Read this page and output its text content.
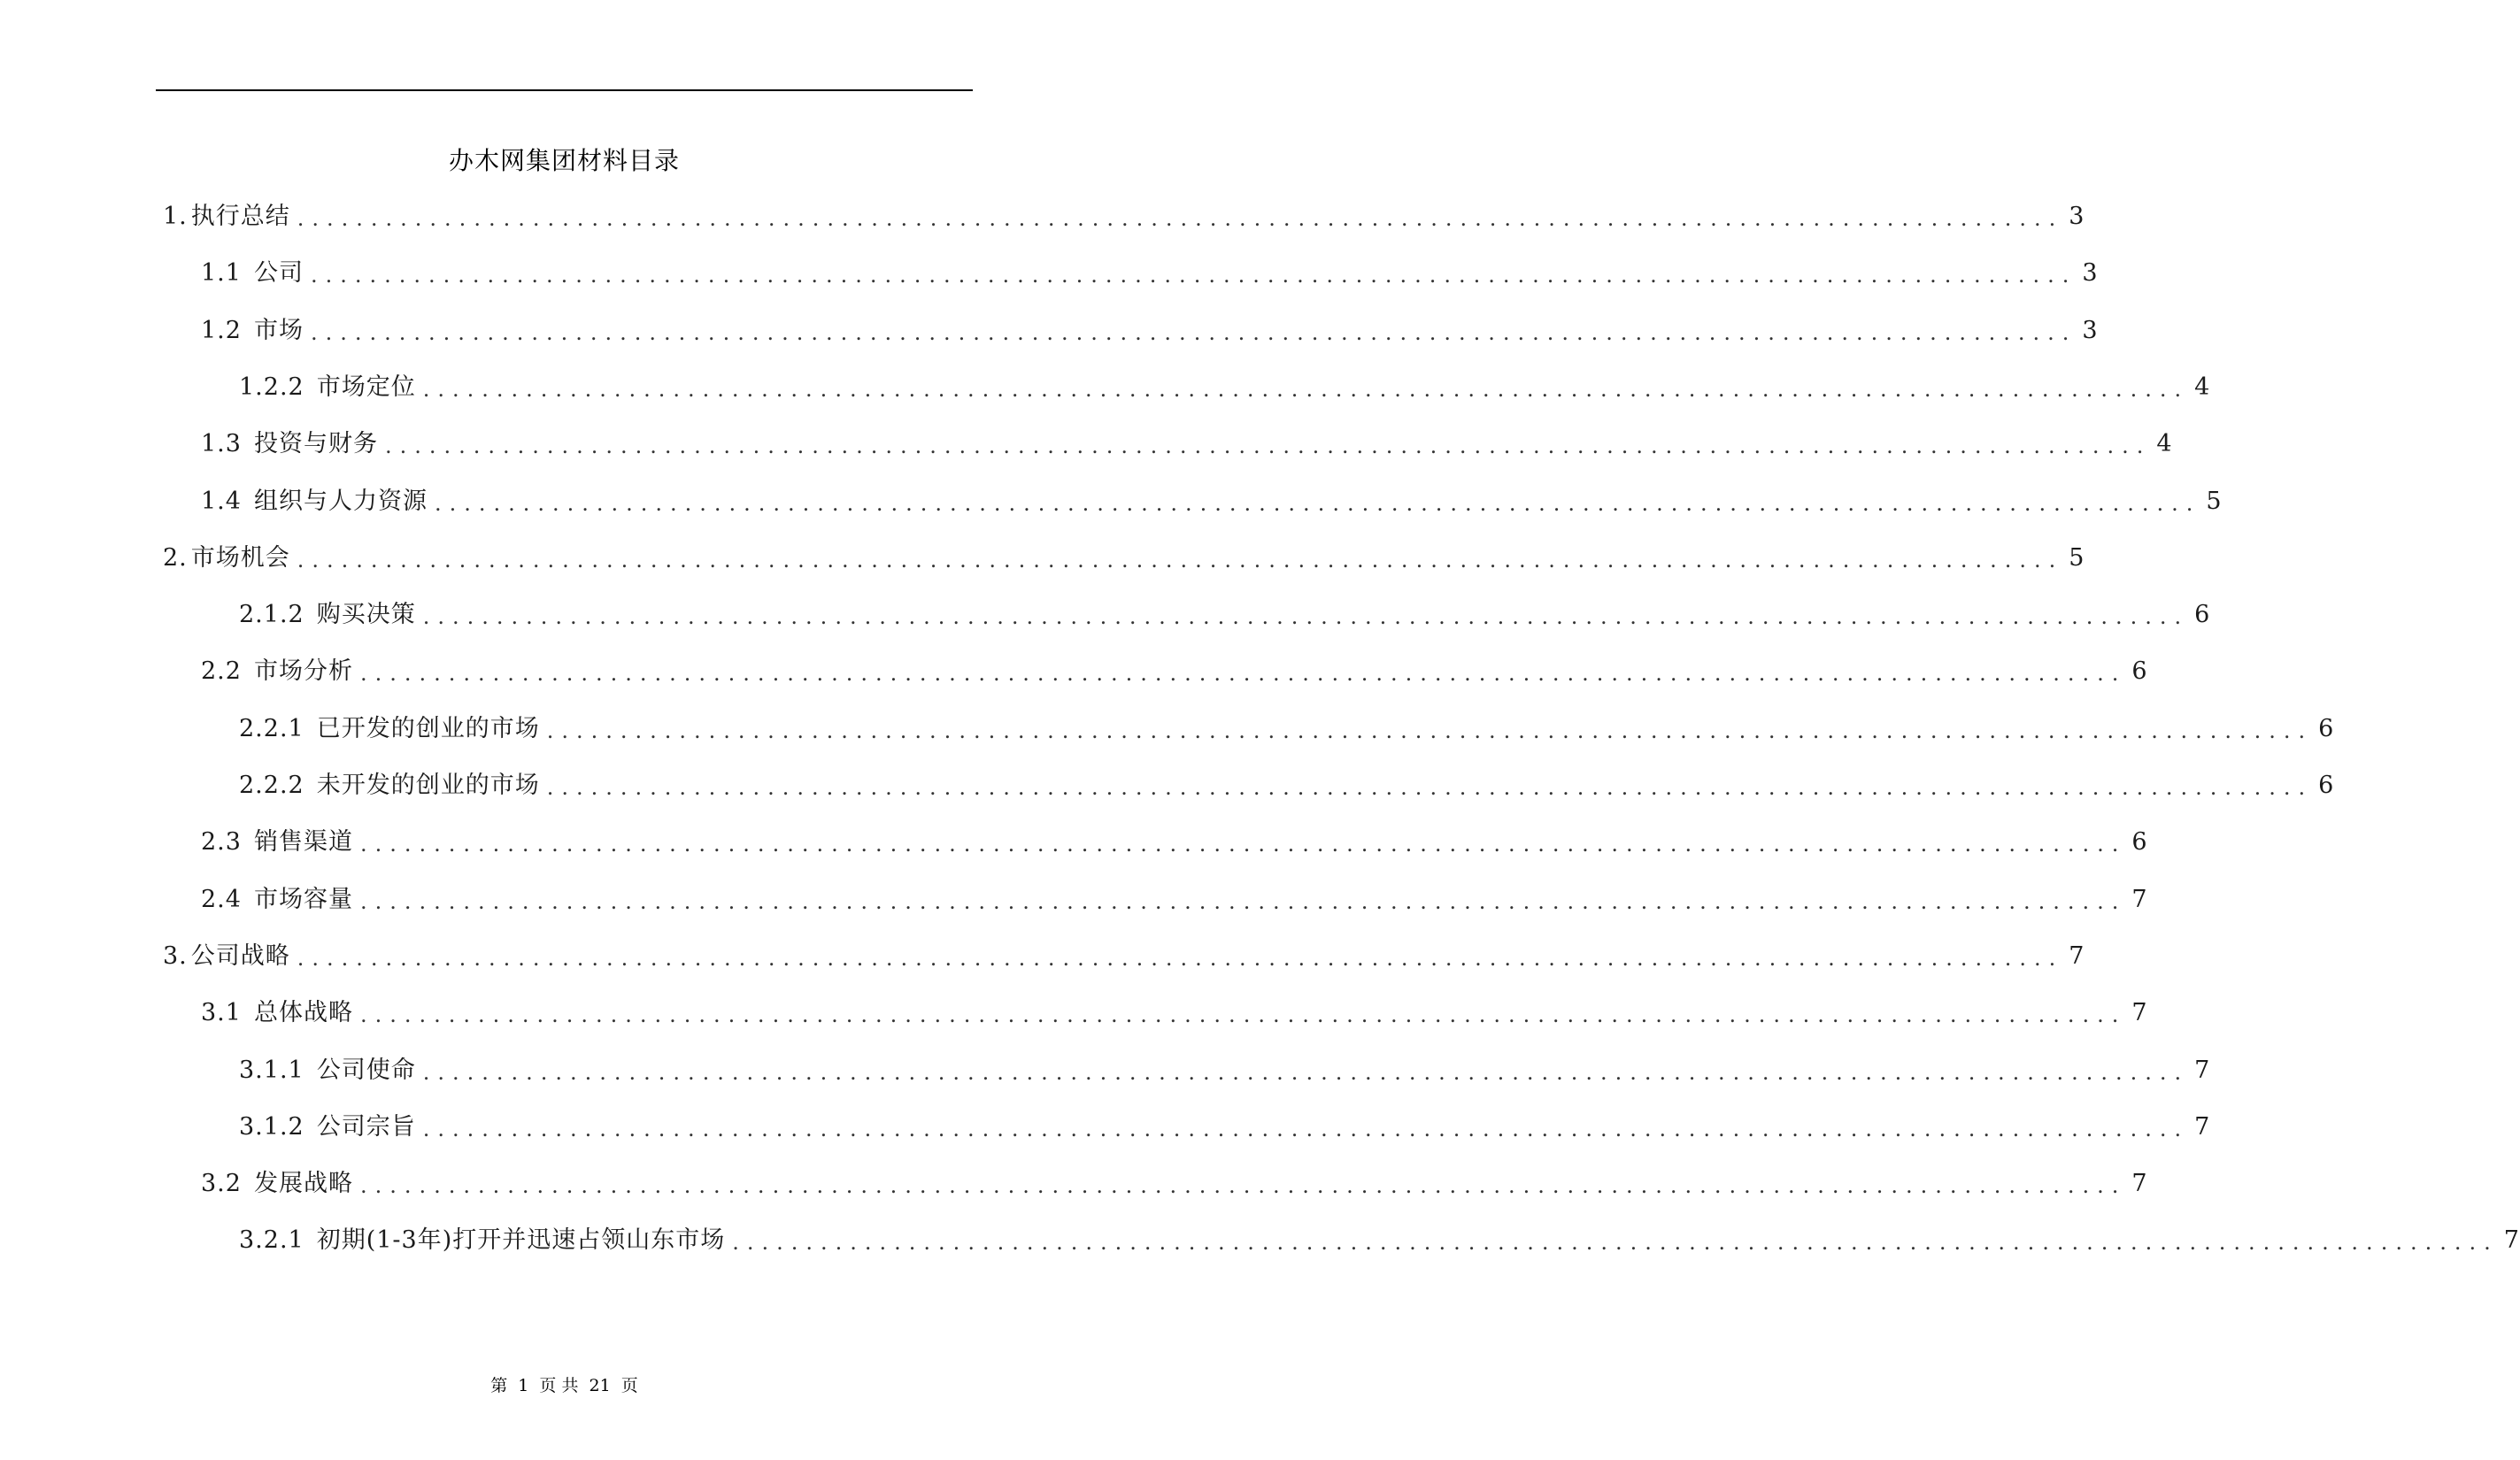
办木网集团材料目录
1. 执行总结 ........................................................................................................................ 3
1.1 公司 ........................................................................................................................ 3
1.2 市场 ........................................................................................................................ 3
1.2.2 市场定位 ........................................................................................................................ 4
1.3 投资与财务 ........................................................................................................................ 4
1.4 组织与人力资源 ........................................................................................................................ 5
2. 市场机会 ........................................................................................................................ 5
2.1.2 购买决策 ........................................................................................................................ 6
2.2 市场分析 ........................................................................................................................ 6
2.2.1 已开发的创业的市场 ........................................................................................................................ 6
2.2.2 未开发的创业的市场 ........................................................................................................................ 6
2.3 销售渠道 ........................................................................................................................ 6
2.4 市场容量 ........................................................................................................................ 7
3. 公司战略 ........................................................................................................................ 7
3.1 总体战略 ........................................................................................................................ 7
3.1.1 公司使命 ........................................................................................................................ 7
3.1.2 公司宗旨 ........................................................................................................................ 7
3.2 发展战略 ........................................................................................................................ 7
3.2.1 初期(1-3年)打开并迅速占领山东市场 ........................................................................................................................ 7
第 1 页 共 21 页
